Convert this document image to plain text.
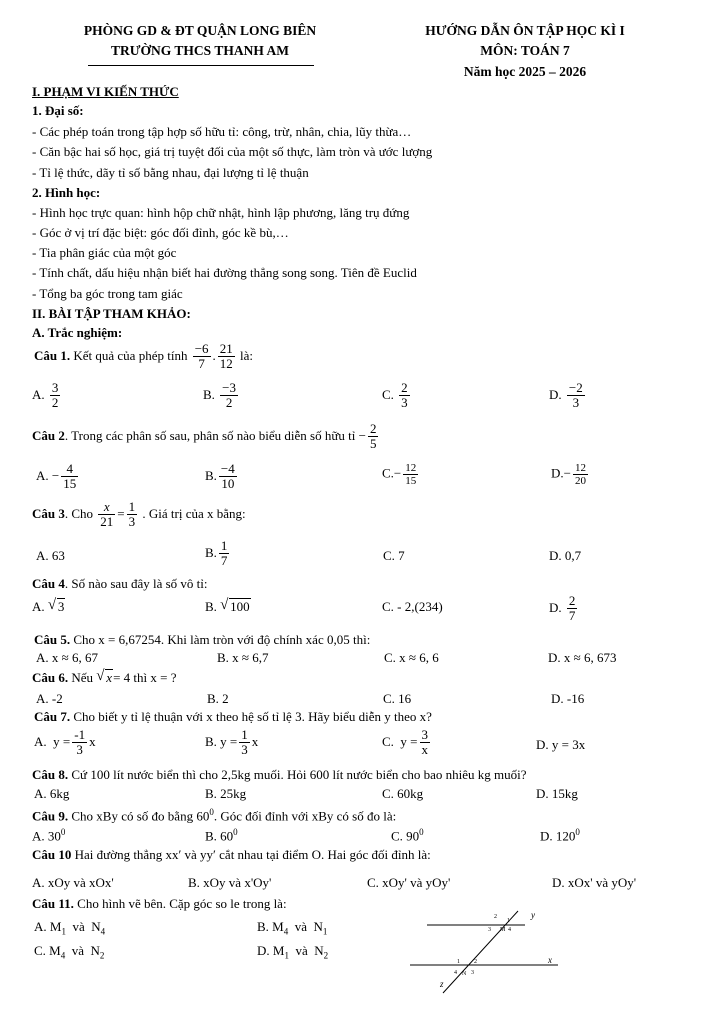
PHÒNG GD & ĐT QUẬN LONG BIÊN
TRƯỜNG THCS THANH AM
HƯỚNG DẪN ÔN TẬP HỌC KÌ I
MÔN: TOÁN 7
Năm học 2025 – 2026
I. PHẠM VI KIẾN THỨC
1. Đại số:
- Các phép toán trong tập hợp số hữu tỉ: công, trừ, nhân, chia, lũy thừa…
- Căn bậc hai số học, giá trị tuyệt đối của một số thực, làm tròn và ước lượng
- Tỉ lệ thức, dãy tỉ số bằng nhau, đại lượng tỉ lệ thuận
2. Hình học:
- Hình học trực quan: hình hộp chữ nhật, hình lập phương, lăng trụ đứng
- Góc ở vị trí đặc biệt: góc đối đỉnh, góc kề bù,…
- Tia phân giác của một góc
- Tính chất, dấu hiệu nhận biết hai đường thẳng song song. Tiên đề Euclid
- Tổng ba góc trong tam giác
II. BÀI TẬP THAM KHẢO:
A. Trắc nghiệm:
Câu 1. Kết quả của phép tính $\frac{-6}{7}$ . $\frac{21}{12}$ là:
A. $\frac{3}{2}$	B. $\frac{-3}{2}$	C. $\frac{2}{3}$	D. $\frac{-2}{3}$
Câu 2. Trong các phân số sau, phân số nào biểu diễn số hữu tỉ − $\frac{2}{5}$
A. − $\frac{4}{15}$	B. $\frac{-4}{10}$	$C.- \frac{12}{15}$	$D.- \frac{12}{20}$
Câu 3. Cho $\frac{x}{21} = \frac{1}{3}$ . Giá trị của x bằng:
A. 63	B. $\frac{1}{7}$	C. 7	D. 0,7
Câu 4. Số nào sau đây là số vô tỉ:
A. √ 3	B. √ 100	C. - 2,(234)	D. $\frac{2}{7}$
Câu 5. Cho x = 6,67254. Khi làm tròn với độ chính xác 0,05 thì:
A. x ≈ 6, 67	B. x ≈ 6,7	C. x ≈ 6, 6	D. x ≈ 6, 673
Câu 6. Nếu √ x= 4 thì x = ?
A. -2	B. 2	C. 16	D. -16
Câu 7. Cho biết y tỉ lệ thuận với x theo hệ số tỉ lệ 3. Hãy biểu diễn y theo x?
A. $y = \frac{-1}{3}$ x	B. $y = \frac{1}{3}$ x	C. $y = \frac{3}{x}$	D. y = 3x
Câu 8. Cứ 100 lít nước biển thì cho 2,5kg muối. Hỏi 600 lít nước biển cho bao nhiêu kg muối?
A. 6kg	B. 25kg	C. 60kg	D. 15kg
Câu 9. Cho xBy có số đo bằng $60^0$. Góc đối đỉnh với xBy có số đo là:
A. $30^0$	B. $60^0$	C. $90^0$	D. $120^0$
Câu 10 Hai đường thẳng xx′ và yy′ cắt nhau tại điểm O. Hai góc đối đỉnh là:
A. xOy và xOx'	B. xOy và x'Oy'	C. xOy' và yOy'	D. xOx' và yOy'
Câu 11. Cho hình vẽ bên. Cặp góc so le trong là:
A. $M_1$ và $N_4$	B. $M_4$ và $N_1$
C. $M_4$ và $N_2$	D. $M_1$ và $N_2$
y
x
z
M
N
2
1
3	4
1 2
4 3
